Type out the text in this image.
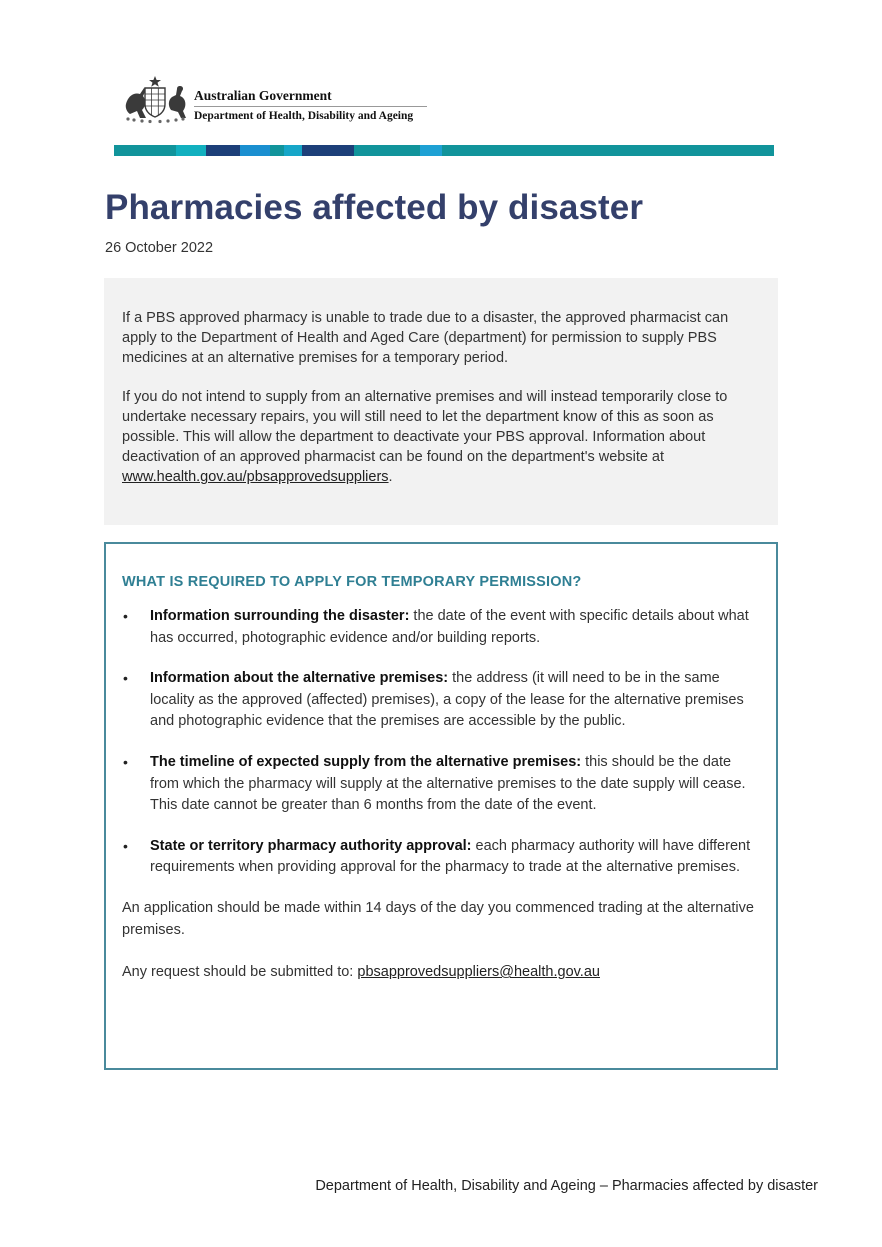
Australian Government
Department of Health, Disability and Ageing
Pharmacies affected by disaster
26 October 2022

If a PBS approved pharmacy is unable to trade due to a disaster, the approved pharmacist can apply to the Department of Health and Aged Care (department) for permission to supply PBS medicines at an alternative premises for a temporary period.

If you do not intend to supply from an alternative premises and will instead temporarily close to undertake necessary repairs, you will still need to let the department know of this as soon as possible. This will allow the department to deactivate your PBS approval. Information about deactivation of an approved pharmacist can be found on the department's website at www.health.gov.au/pbsapprovedsuppliers.

WHAT IS REQUIRED TO APPLY FOR TEMPORARY PERMISSION?
• Information surrounding the disaster: the date of the event with specific details about what has occurred, photographic evidence and/or building reports.
• Information about the alternative premises: the address (it will need to be in the same locality as the approved (affected) premises), a copy of the lease for the alternative premises and photographic evidence that the premises are accessible by the public.
• The timeline of expected supply from the alternative premises: this should be the date from which the pharmacy will supply at the alternative premises to the date supply will cease. This date cannot be greater than 6 months from the date of the event.
• State or territory pharmacy authority approval: each pharmacy authority will have different requirements when providing approval for the pharmacy to trade at the alternative premises.

An application should be made within 14 days of the day you commenced trading at the alternative premises.

Any request should be submitted to: pbsapprovedsuppliers@health.gov.au

Department of Health, Disability and Ageing – Pharmacies affected by disaster
